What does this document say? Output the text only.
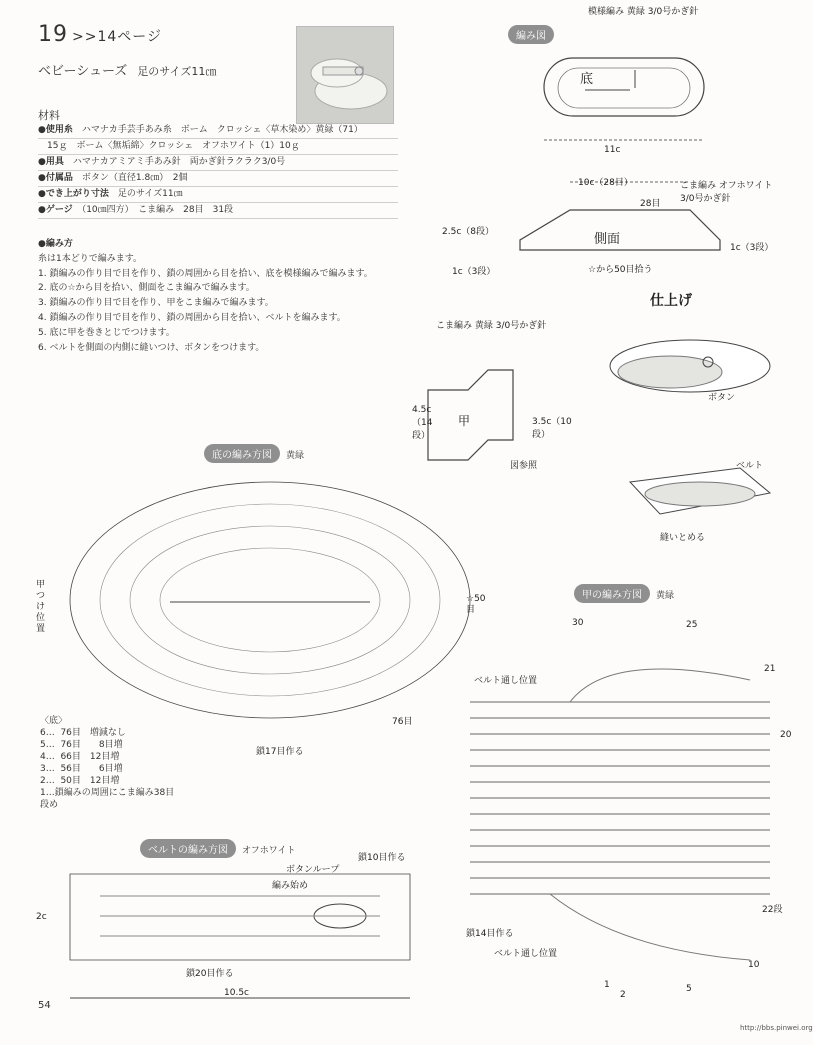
19 >>14ページ
ベビーシューズ 足のサイズ11㎝
材料
●使用糸　 ハマナカ手芸手あみ糸　ボーム　クロッシェ〈草木染め〉黄緑（71）
　15ｇ　ボーム〈無垢綿〉クロッシェ　オフホワイト（1）10ｇ
●用具　 ハマナカアミアミ手あみ針　両かぎ針ラクラク3/0号
●付属品　 ボタン（直径1.8㎝）　2個
●でき上がり寸法　 足のサイズ11㎝
●ゲージ　 （10㎝四方）　こま編み　28目　31段
●編み方
糸は1本どりで編みます。
1. 鎖編みの作り目で目を作り、鎖の周囲から目を拾い、底を模様編みで編みます。
2. 底の☆から目を拾い、側面をこま編みで編みます。
3. 鎖編みの作り目で目を作り、甲をこま編みで編みます。
4. 鎖編みの作り目で目を作り、鎖の周囲から目を拾い、ベルトを編みます。
5. 底に甲を巻きとじでつけます。
6. ベルトを側面の内側に縫いつけ、ボタンをつけます。
編み図
底
模様編み 黄緑 3/0号かぎ針
11c
10c（28目）	こま編み オフホワイト 3/0号かぎ針
28目
側面
2.5c（8段）
1c（3段）
1c（3段）	☆から50目拾う
仕上げ
ボタン
ベルト
縫いとめる
こま編み 黄緑 3/0号かぎ針
4.5c（14段）
3.5c（10段）
図参照
甲
底の編み方図 黄緑
甲つけ位置
76目
鎖17目作る
☆50目
〈底〉
6…  76目　増減なし
5…  76目　　8目増
4…  66目　12目増
3…  56目　　6目増
2…  50目　12目増
1…鎖編みの周囲にこま編み38目
段め
ベルトの編み方図 オフホワイト
ボタンループ
鎖10目作る
編み始め
鎖20目作る
2c
10.5c
甲の編み方図 黄緑
ベルト通し位置
ベルト通し位置
鎖14目作る
30	25
21
20
22段
10
5
1
2
54
http://bbs.pinwei.org
